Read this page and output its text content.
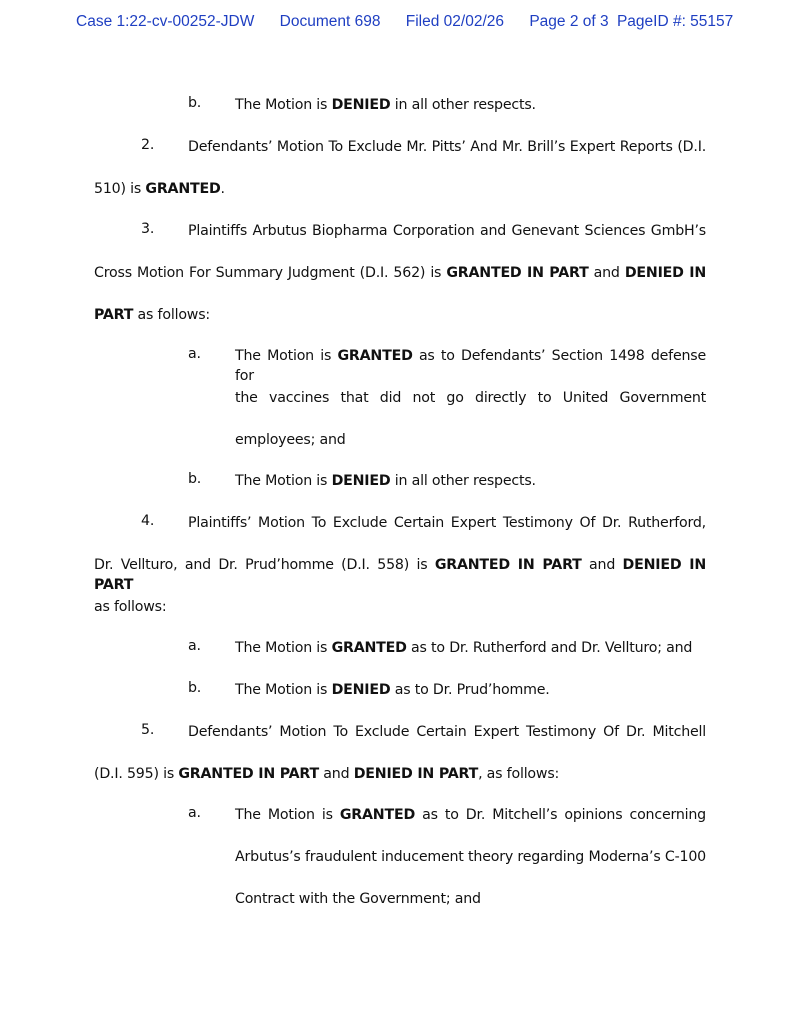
Case 1:22-cv-00252-JDW Document 698 Filed 02/02/26 Page 2 of 3 PageID #: 55157
b. The Motion is DENIED in all other respects.
2. Defendants’ Motion To Exclude Mr. Pitts’ And Mr. Brill’s Expert Reports (D.I.
510) is GRANTED.
3. Plaintiffs Arbutus Biopharma Corporation and Genevant Sciences GmbH’s
Cross Motion For Summary Judgment (D.I. 562) is GRANTED IN PART and DENIED IN
PART as follows:
a. The Motion is GRANTED as to Defendants’ Section 1498 defense for
the vaccines that did not go directly to United Government
employees; and
b. The Motion is DENIED in all other respects.
4. Plaintiffs’ Motion To Exclude Certain Expert Testimony Of Dr. Rutherford,
Dr. Vellturo, and Dr. Prud’homme (D.I. 558) is GRANTED IN PART and DENIED IN PART
as follows:
a. The Motion is GRANTED as to Dr. Rutherford and Dr. Vellturo; and
b. The Motion is DENIED as to Dr. Prud’homme.
5. Defendants’ Motion To Exclude Certain Expert Testimony Of Dr. Mitchell
(D.I. 595) is GRANTED IN PART and DENIED IN PART, as follows:
a. The Motion is GRANTED as to Dr. Mitchell’s opinions concerning
Arbutus’s fraudulent inducement theory regarding Moderna’s C-100
Contract with the Government; and
